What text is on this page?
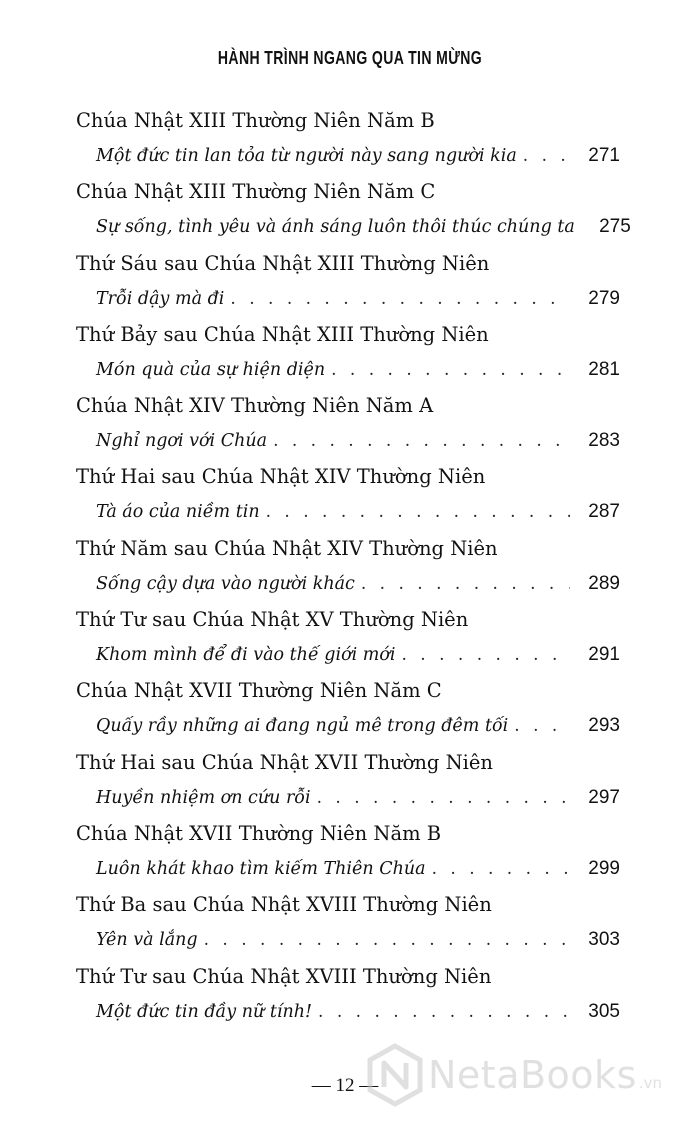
HÀNH TRÌNH NGANG QUA TIN MỪNG
Chúa Nhật XIII Thường Niên Năm B
Một đức tin lan tỏa từ người này sang người kia . . .	271
Chúa Nhật XIII Thường Niên Năm C
Sự sống, tình yêu và ánh sáng luôn thôi thúc chúng ta . . .	275
Thứ Sáu sau Chúa Nhật XIII Thường Niên
Trỗi dậy mà đi . . .	279
Thứ Bảy sau Chúa Nhật XIII Thường Niên
Món quà của sự hiện diện . . .	281
Chúa Nhật XIV Thường Niên Năm A
Nghỉ ngơi với Chúa . . .	283
Thứ Hai sau Chúa Nhật XIV Thường Niên
Tà áo của niềm tin . . .	287
Thứ Năm sau Chúa Nhật XIV Thường Niên
Sống cậy dựa vào người khác . . .	289
Thứ Tư sau Chúa Nhật XV Thường Niên
Khom mình để đi vào thế giới mới . . .	291
Chúa Nhật XVII Thường Niên Năm C
Quấy rầy những ai đang ngủ mê trong đêm tối . . .	293
Thứ Hai sau Chúa Nhật XVII Thường Niên
Huyền nhiệm ơn cứu rỗi . . .	297
Chúa Nhật XVII Thường Niên Năm B
Luôn khát khao tìm kiếm Thiên Chúa . . .	299
Thứ Ba sau Chúa Nhật XVIII Thường Niên
Yên và lắng . . .	303
Thứ Tư sau Chúa Nhật XVIII Thường Niên
Một đức tin đầy nữ tính! . . .	305
— 12 — NetaBooks .vn
